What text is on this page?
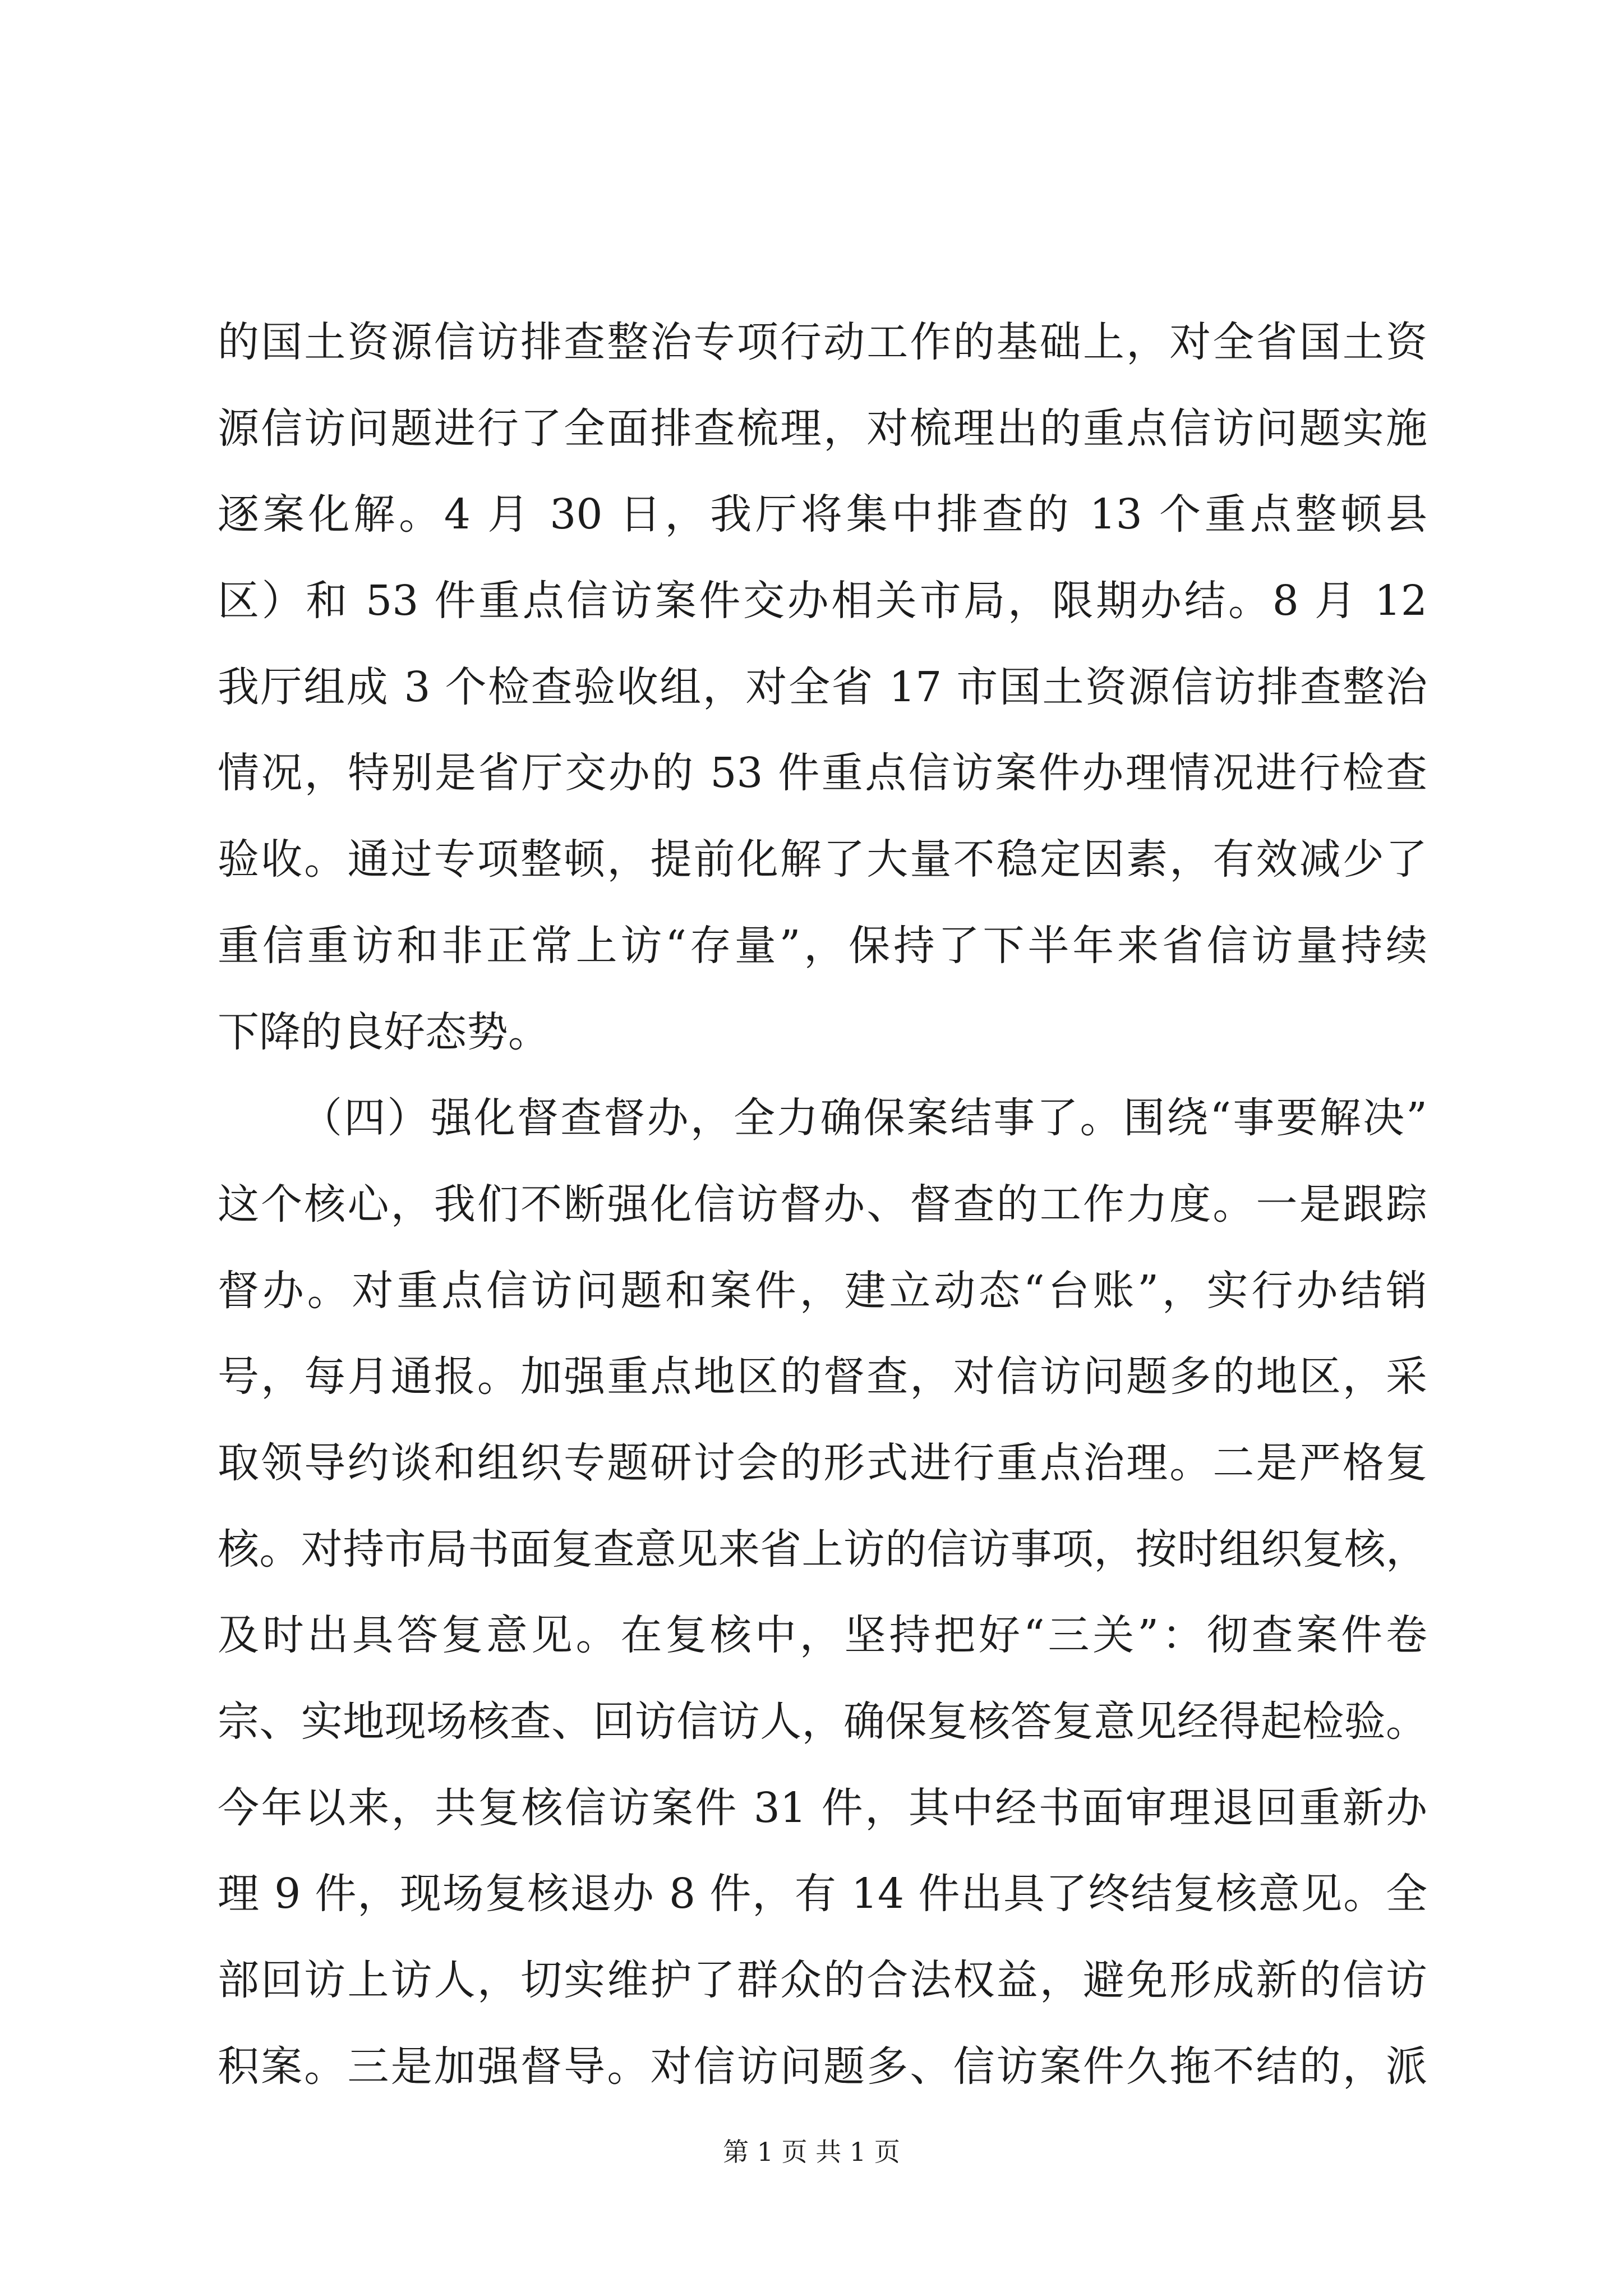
的国土资源信访排查整治专项行动工作的基础上，对全省国土资
源信访问题进行了全面排查梳理，对梳理出的重点信访问题实施
逐案化解。4 月 30 日，我厅将集中排查的 13 个重点整顿县
区）和 53 件重点信访案件交办相关市局，限期办结。8 月 12
我厅组成 3 个检查验收组，对全省 17 市国土资源信访排查整治
情况，特别是省厅交办的 53 件重点信访案件办理情况进行检查
验收。通过专项整顿，提前化解了大量不稳定因素，有效减少了
重信重访和非正常上访“存量”，保持了下半年来省信访量持续
下降的良好态势。
（四）强化督查督办，全力确保案结事了。围绕“事要解决”
这个核心，我们不断强化信访督办、督查的工作力度。一是跟踪
督办。对重点信访问题和案件，建立动态“台账”，实行办结销
号，每月通报。加强重点地区的督查，对信访问题多的地区，采
取领导约谈和组织专题研讨会的形式进行重点治理。二是严格复
核。对持市局书面复查意见来省上访的信访事项，按时组织复核，
及时出具答复意见。在复核中，坚持把好“三关”：彻查案件卷
宗、实地现场核查、回访信访人，确保复核答复意见经得起检验。
今年以来，共复核信访案件 31 件，其中经书面审理退回重新办
理 9 件，现场复核退办 8 件，有 14 件出具了终结复核意见。全
部回访上访人，切实维护了群众的合法权益，避免形成新的信访
积案。三是加强督导。对信访问题多、信访案件久拖不结的，派
第 1 页 共 1 页
